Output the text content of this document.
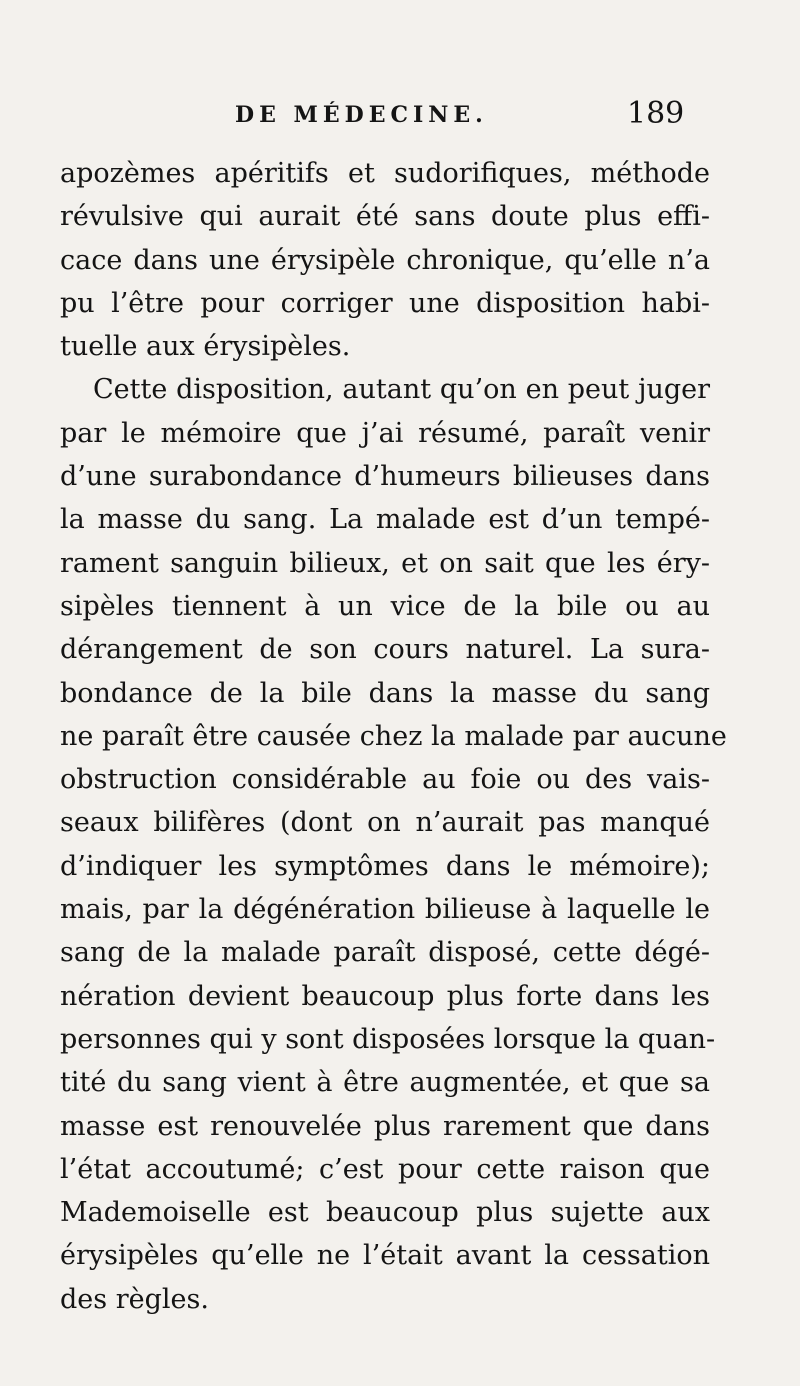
DE MÉDECINE.	189
apozèmes apéritifs et sudorifiques, méthode
révulsive qui aurait été sans doute plus effi-
cace dans une érysipèle chronique, qu’elle n’a
pu l’être pour corriger une disposition habi-
tuelle aux érysipèles.
Cette disposition, autant qu’on en peut juger
par le mémoire que j’ai résumé, paraît venir
d’une surabondance d’humeurs bilieuses dans
la masse du sang. La malade est d’un tempé-
rament sanguin bilieux, et on sait que les éry-
sipèles tiennent à un vice de la bile ou au
dérangement de son cours naturel. La sura-
bondance de la bile dans la masse du sang
ne paraît être causée chez la malade par aucune
obstruction considérable au foie ou des vais-
seaux bilifères (dont on n’aurait pas manqué
d’indiquer les symptômes dans le mémoire);
mais, par la dégénération bilieuse à laquelle le
sang de la malade paraît disposé, cette dégé-
nération devient beaucoup plus forte dans les
personnes qui y sont disposées lorsque la quan-
tité du sang vient à être augmentée, et que sa
masse est renouvelée plus rarement que dans
l’état accoutumé; c’est pour cette raison que
Mademoiselle est beaucoup plus sujette aux
érysipèles qu’elle ne l’était avant la cessation
des règles.
